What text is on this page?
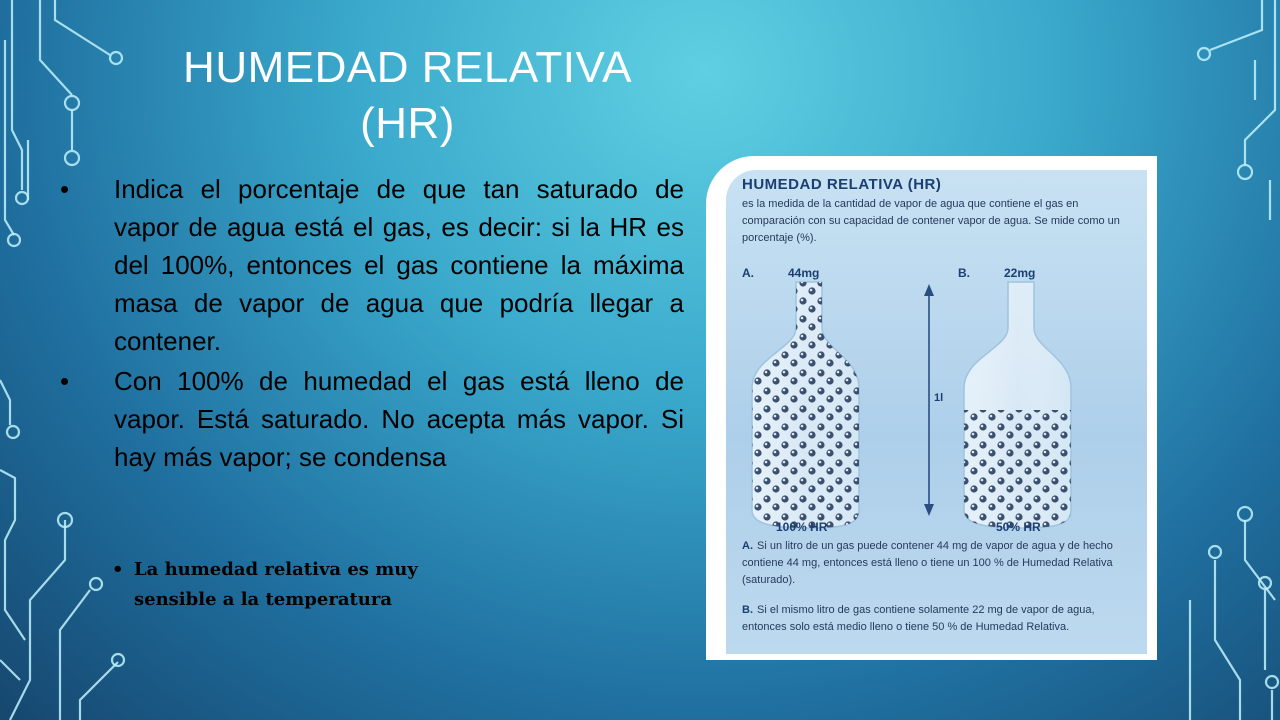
HUMEDAD RELATIVA
(HR)
•	Indica el porcentaje de que tan saturado de vapor de agua está el gas, es decir: si la HR es del 100%, entonces el gas contiene la máxima masa de vapor de agua que podría llegar a contener.
•	Con 100% de humedad el gas está lleno de vapor. Está saturado. No acepta más vapor. Si hay más vapor; se condensa
• La humedad relativa es muy sensible a la temperatura
HUMEDAD RELATIVA (HR)
es la medida de la cantidad de vapor de agua que contiene el gas en comparación con su capacidad de contener vapor de agua. Se mide como un porcentaje (%).
A.	44mg	B.	22mg
1l
100% HR	50% HR
A. Si un litro de un gas puede contener 44 mg de vapor de agua y de hecho contiene 44 mg, entonces está lleno o tiene un 100 % de Humedad Relativa (saturado).
B. Si el mismo litro de gas contiene solamente 22 mg de vapor de agua, entonces solo está medio lleno o tiene 50 % de Humedad Relativa.
